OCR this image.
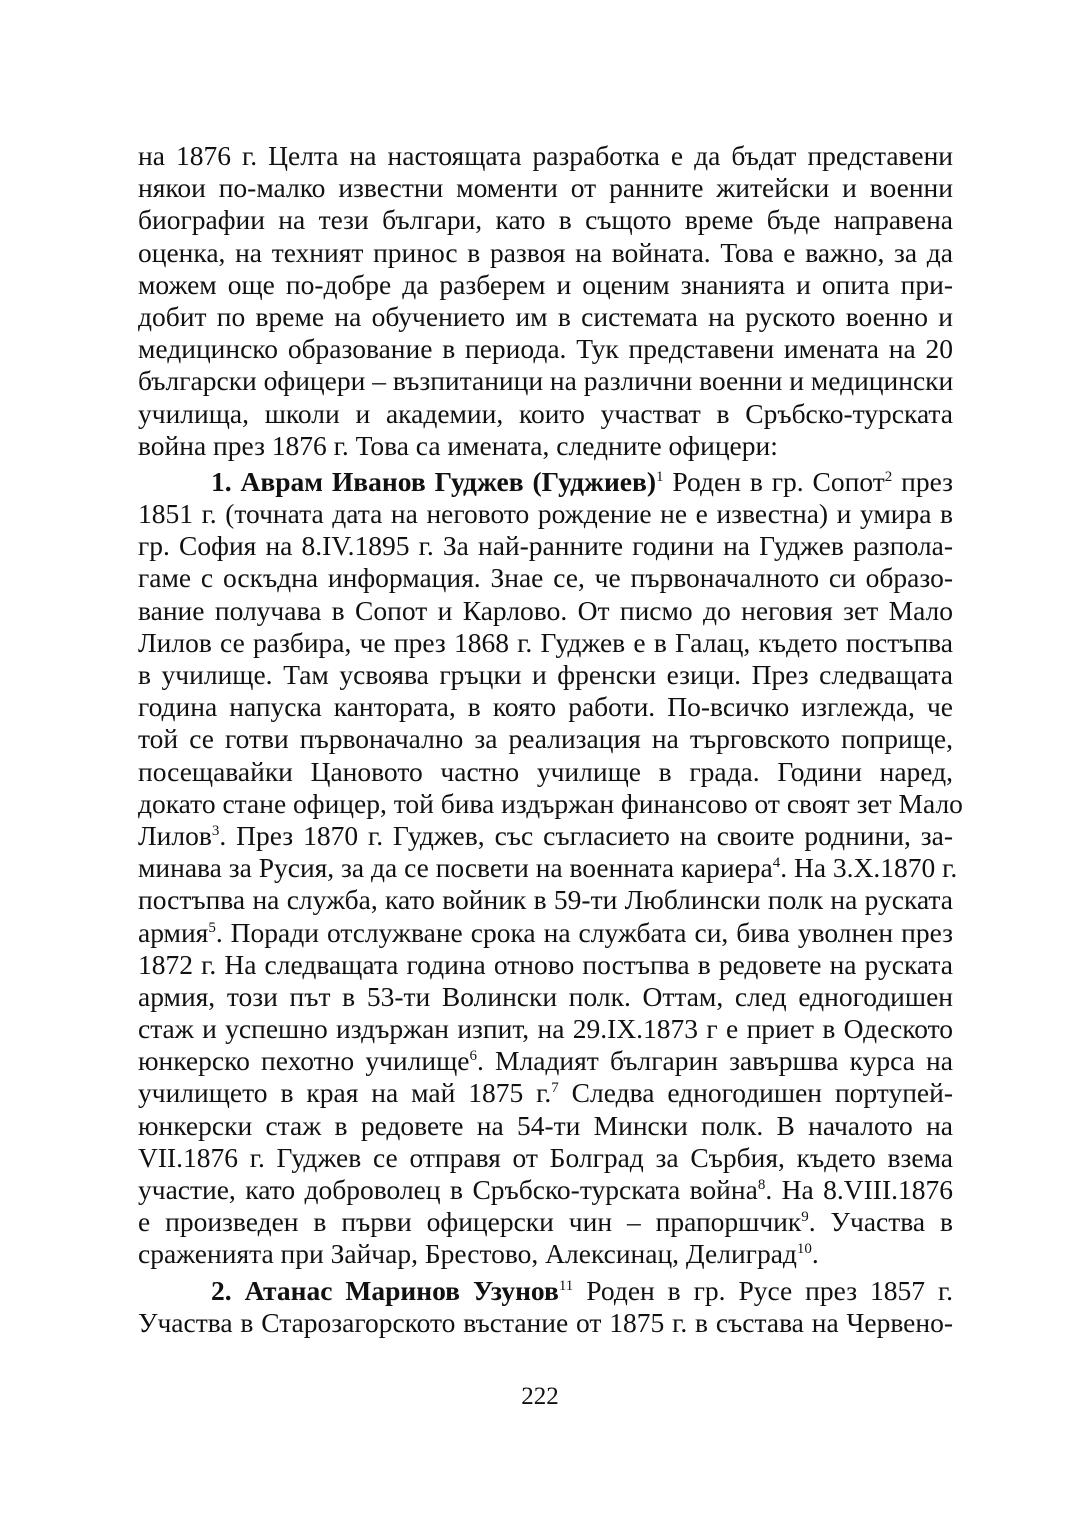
на 1876 г. Целта на настоящата разработка е да бъдат представени
някои по-малко известни моменти от ранните житейски и военни
биографии на тези българи, като в същото време бъде направена
оценка, на техният принос в развоя на войната. Това е важно, за да
можем още по-добре да разберем и оценим знанията и опита при-
добит по време на обучението им в системата на руското военно и
медицинско образование в периода. Тук представени имената на 20
български офицери – възпитаници на различни военни и медицински
училища, школи и академии, които участват в Сръбско-турската
война през 1876 г. Това са имената, следните офицери:
1. Аврам Иванов Гуджев (Гуджиев)$^1$ Роден в гр. Сопот$^2$ през
1851 г. (точната дата на неговото рождение не е известна) и умира в
гр. София на 8.IV.1895 г. За най-ранните години на Гуджев разпола-
гаме с оскъдна информация. Знае се, че първоначалното си образо-
вание получава в Сопот и Карлово. От писмо до неговия зет Мало
Лилов се разбира, че през 1868 г. Гуджев е в Галац, където постъпва
в училище. Там усвоява гръцки и френски езици. През следващата
година напуска кантората, в която работи. По-всичко изглежда, че
той се готви първоначално за реализация на търговското поприще,
посещавайки Цановото частно училище в града. Години наред,
докато стане офицер, той бива издържан финансово от своят зет Мало
Лилов$^3$. През 1870 г. Гуджев, със съгласието на своите роднини, за-
минава за Русия, за да се посвети на военната кариера$^4$. На 3.X.1870 г.
постъпва на служба, като войник в 59-ти Люблински полк на руската
армия$^5$. Поради отслужване срока на службата си, бива уволнен през
1872 г. На следващата година отново постъпва в редовете на руската
армия, този път в 53-ти Волински полк. Оттам, след едногодишен
стаж и успешно издържан изпит, на 29.IX.1873 г е приет в Одеското
юнкерско пехотно училище$^6$. Младият българин завършва курса на
училището в края на май 1875 г.$^7$ Следва едногодишен портупей-
юнкерски стаж в редовете на 54-ти Мински полк. В началото на
VII.1876 г. Гуджев се отправя от Болград за Сърбия, където взема
участие, като доброволец в Сръбско-турската война$^8$. На 8.VIII.1876
е произведен в първи офицерски чин – прапоршчик$^9$. Участва в
сраженията при Зайчар, Брестово, Алексинац, Делиград$^{10}$.
2. Атанас Маринов Узунов$^{11}$ Роден в гр. Русе през 1857 г.
Участва в Старозагорското въстание от 1875 г. в състава на Червено-
222
